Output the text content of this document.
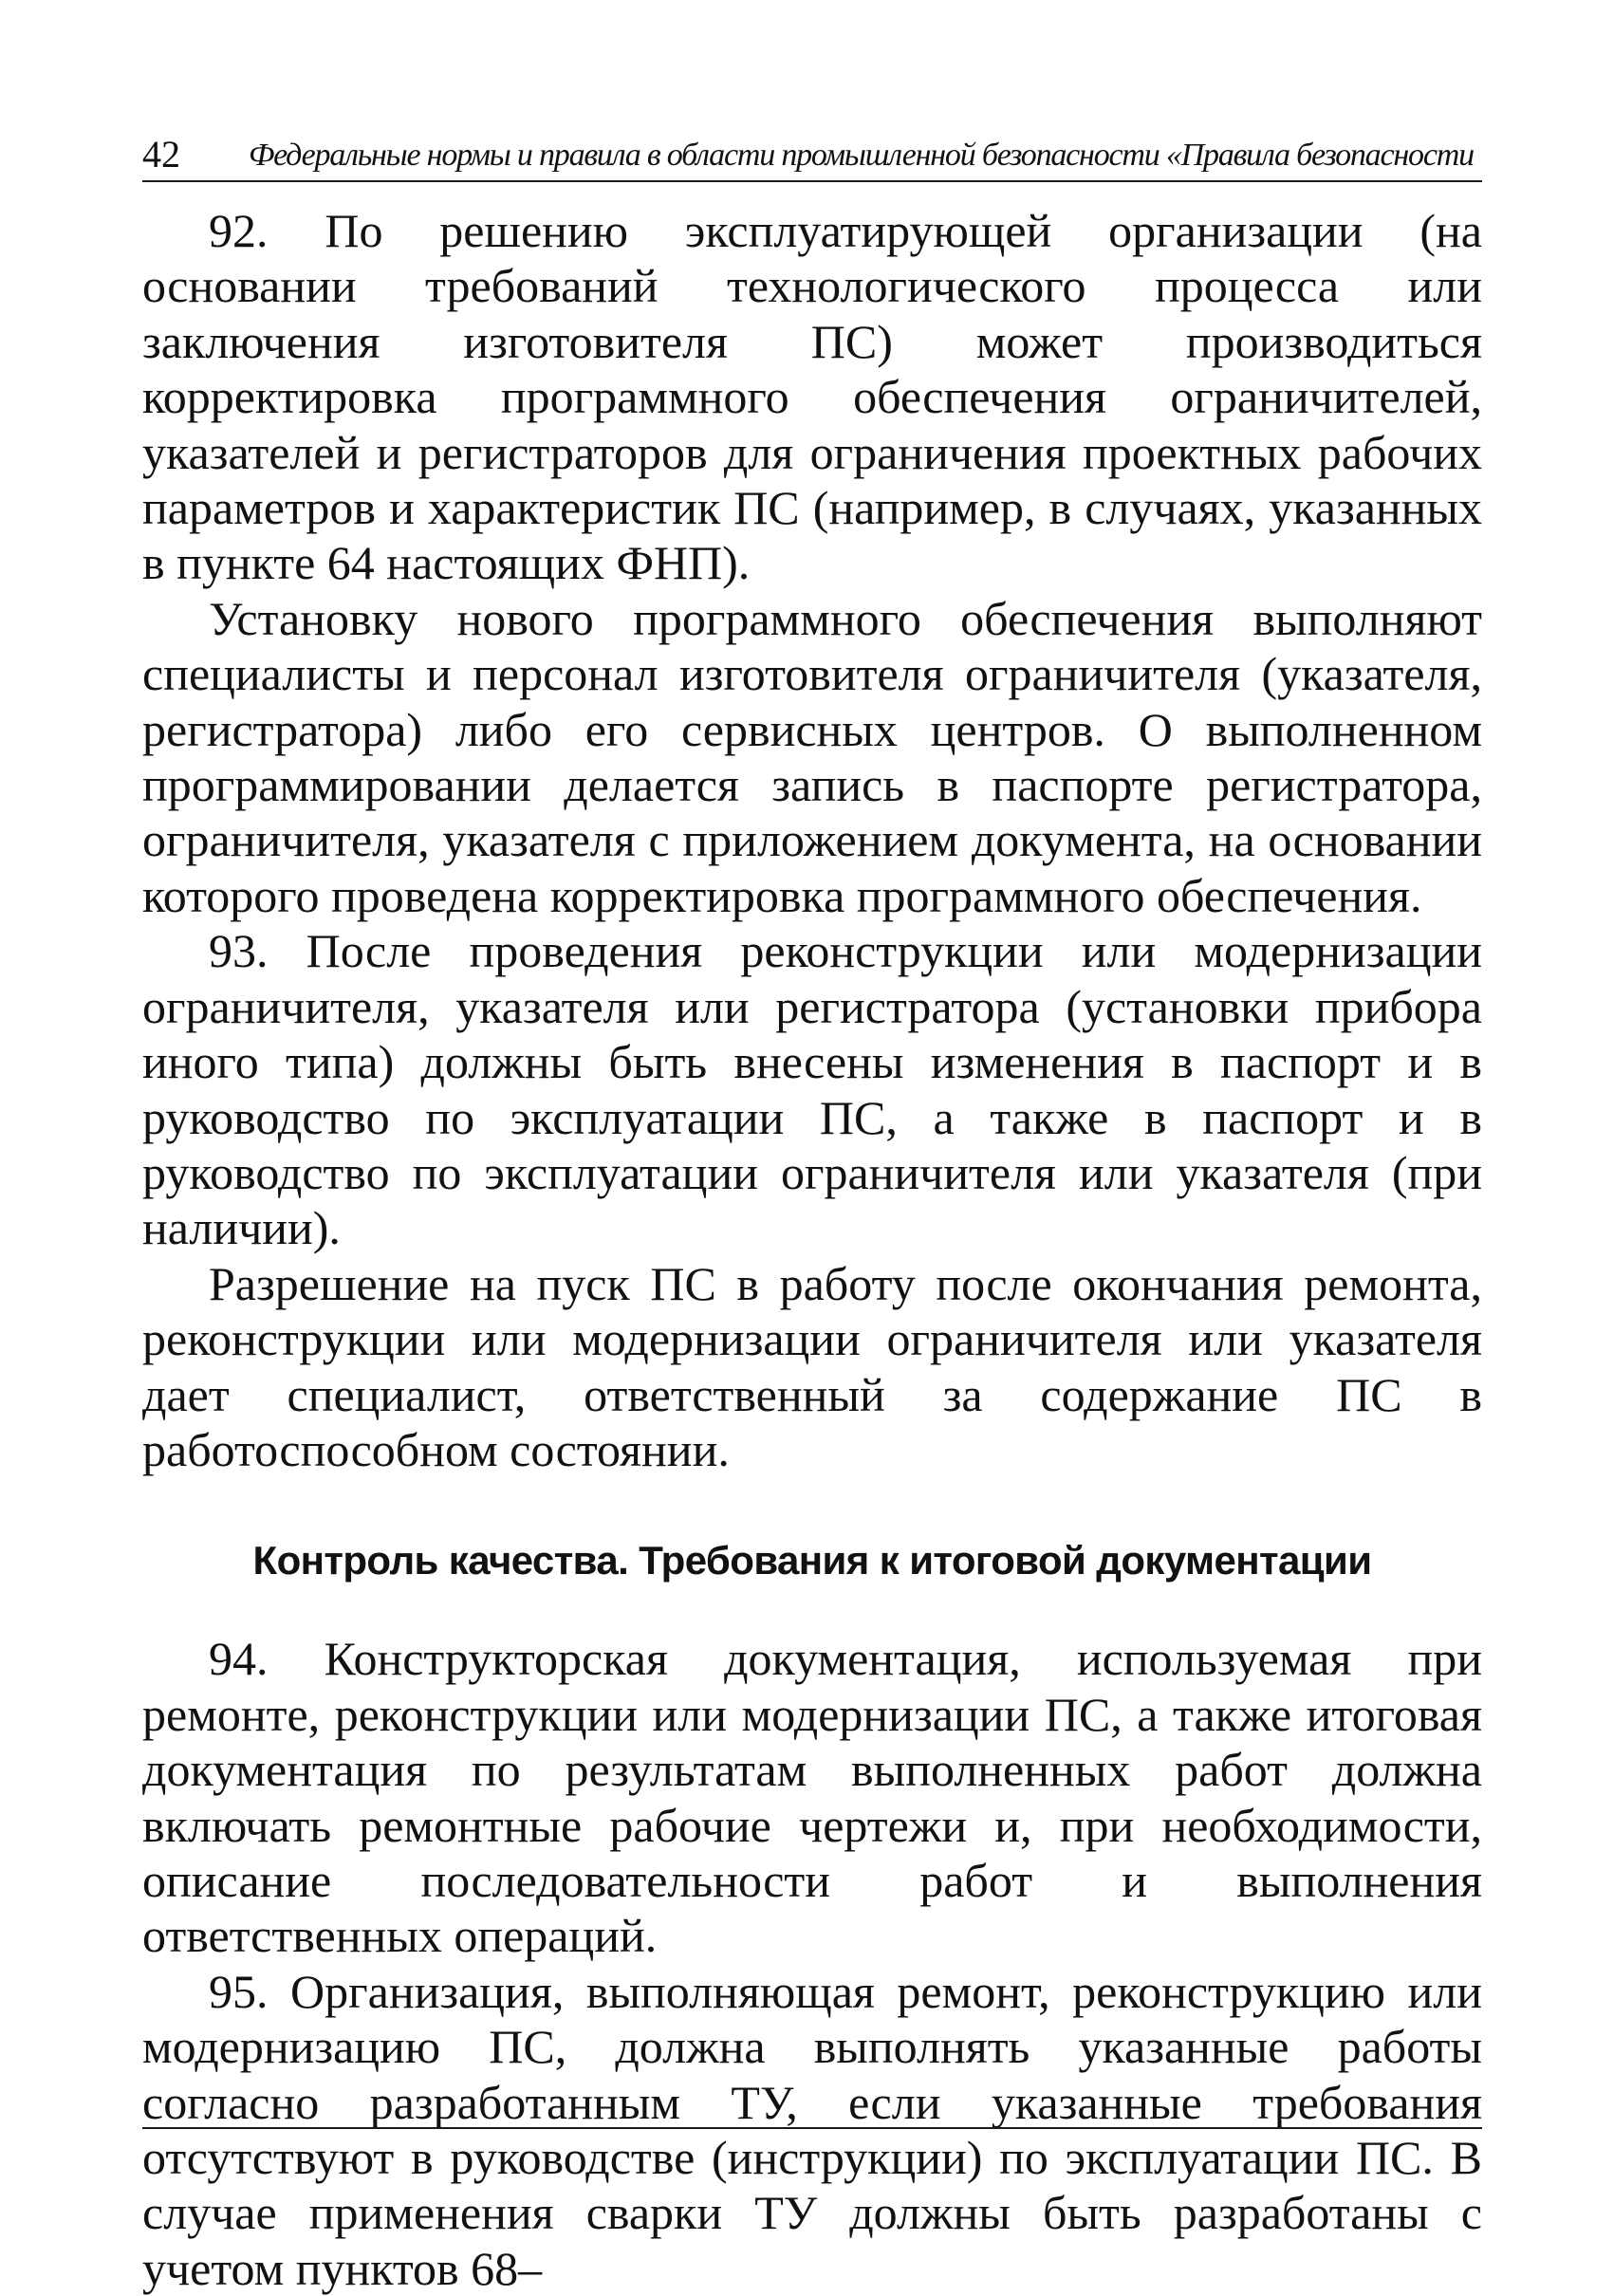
42 Федеральные нормы и правила в области промышленной безопасности «Правила безопасности

92. По решению эксплуатирующей организации (на основании требований технологического процесса или заключения изготовителя ПС) может производиться корректировка программного обеспечения ограничителей, указателей и регистраторов для ограничения проектных рабочих параметров и характеристик ПС (например, в случаях, указанных в пункте 64 настоящих ФНП).

Установку нового программного обеспечения выполняют специалисты и персонал изготовителя ограничителя (указателя, регистратора) либо его сервисных центров. О выполненном программировании делается запись в паспорте регистратора, ограничителя, указателя с приложением документа, на основании которого проведена корректировка программного обеспечения.

93. После проведения реконструкции или модернизации ограничителя, указателя или регистратора (установки прибора иного типа) должны быть внесены изменения в паспорт и в руководство по эксплуатации ПС, а также в паспорт и в руководство по эксплуатации ограничителя или указателя (при наличии).

Разрешение на пуск ПС в работу после окончания ремонта, реконструкции или модернизации ограничителя или указателя дает специалист, ответственный за содержание ПС в работоспособном состоянии.

Контроль качества. Требования к итоговой документации

94. Конструкторская документация, используемая при ремонте, реконструкции или модернизации ПС, а также итоговая документация по результатам выполненных работ должна включать ремонтные рабочие чертежи и, при необходимости, описание последовательности работ и выполнения ответственных операций.

95. Организация, выполняющая ремонт, реконструкцию или модернизацию ПС, должна выполнять указанные работы согласно разработанным ТУ, если указанные требования отсутствуют в руководстве (инструкции) по эксплуатации ПС. В случае применения сварки ТУ должны быть разработаны с учетом пунктов 68–
